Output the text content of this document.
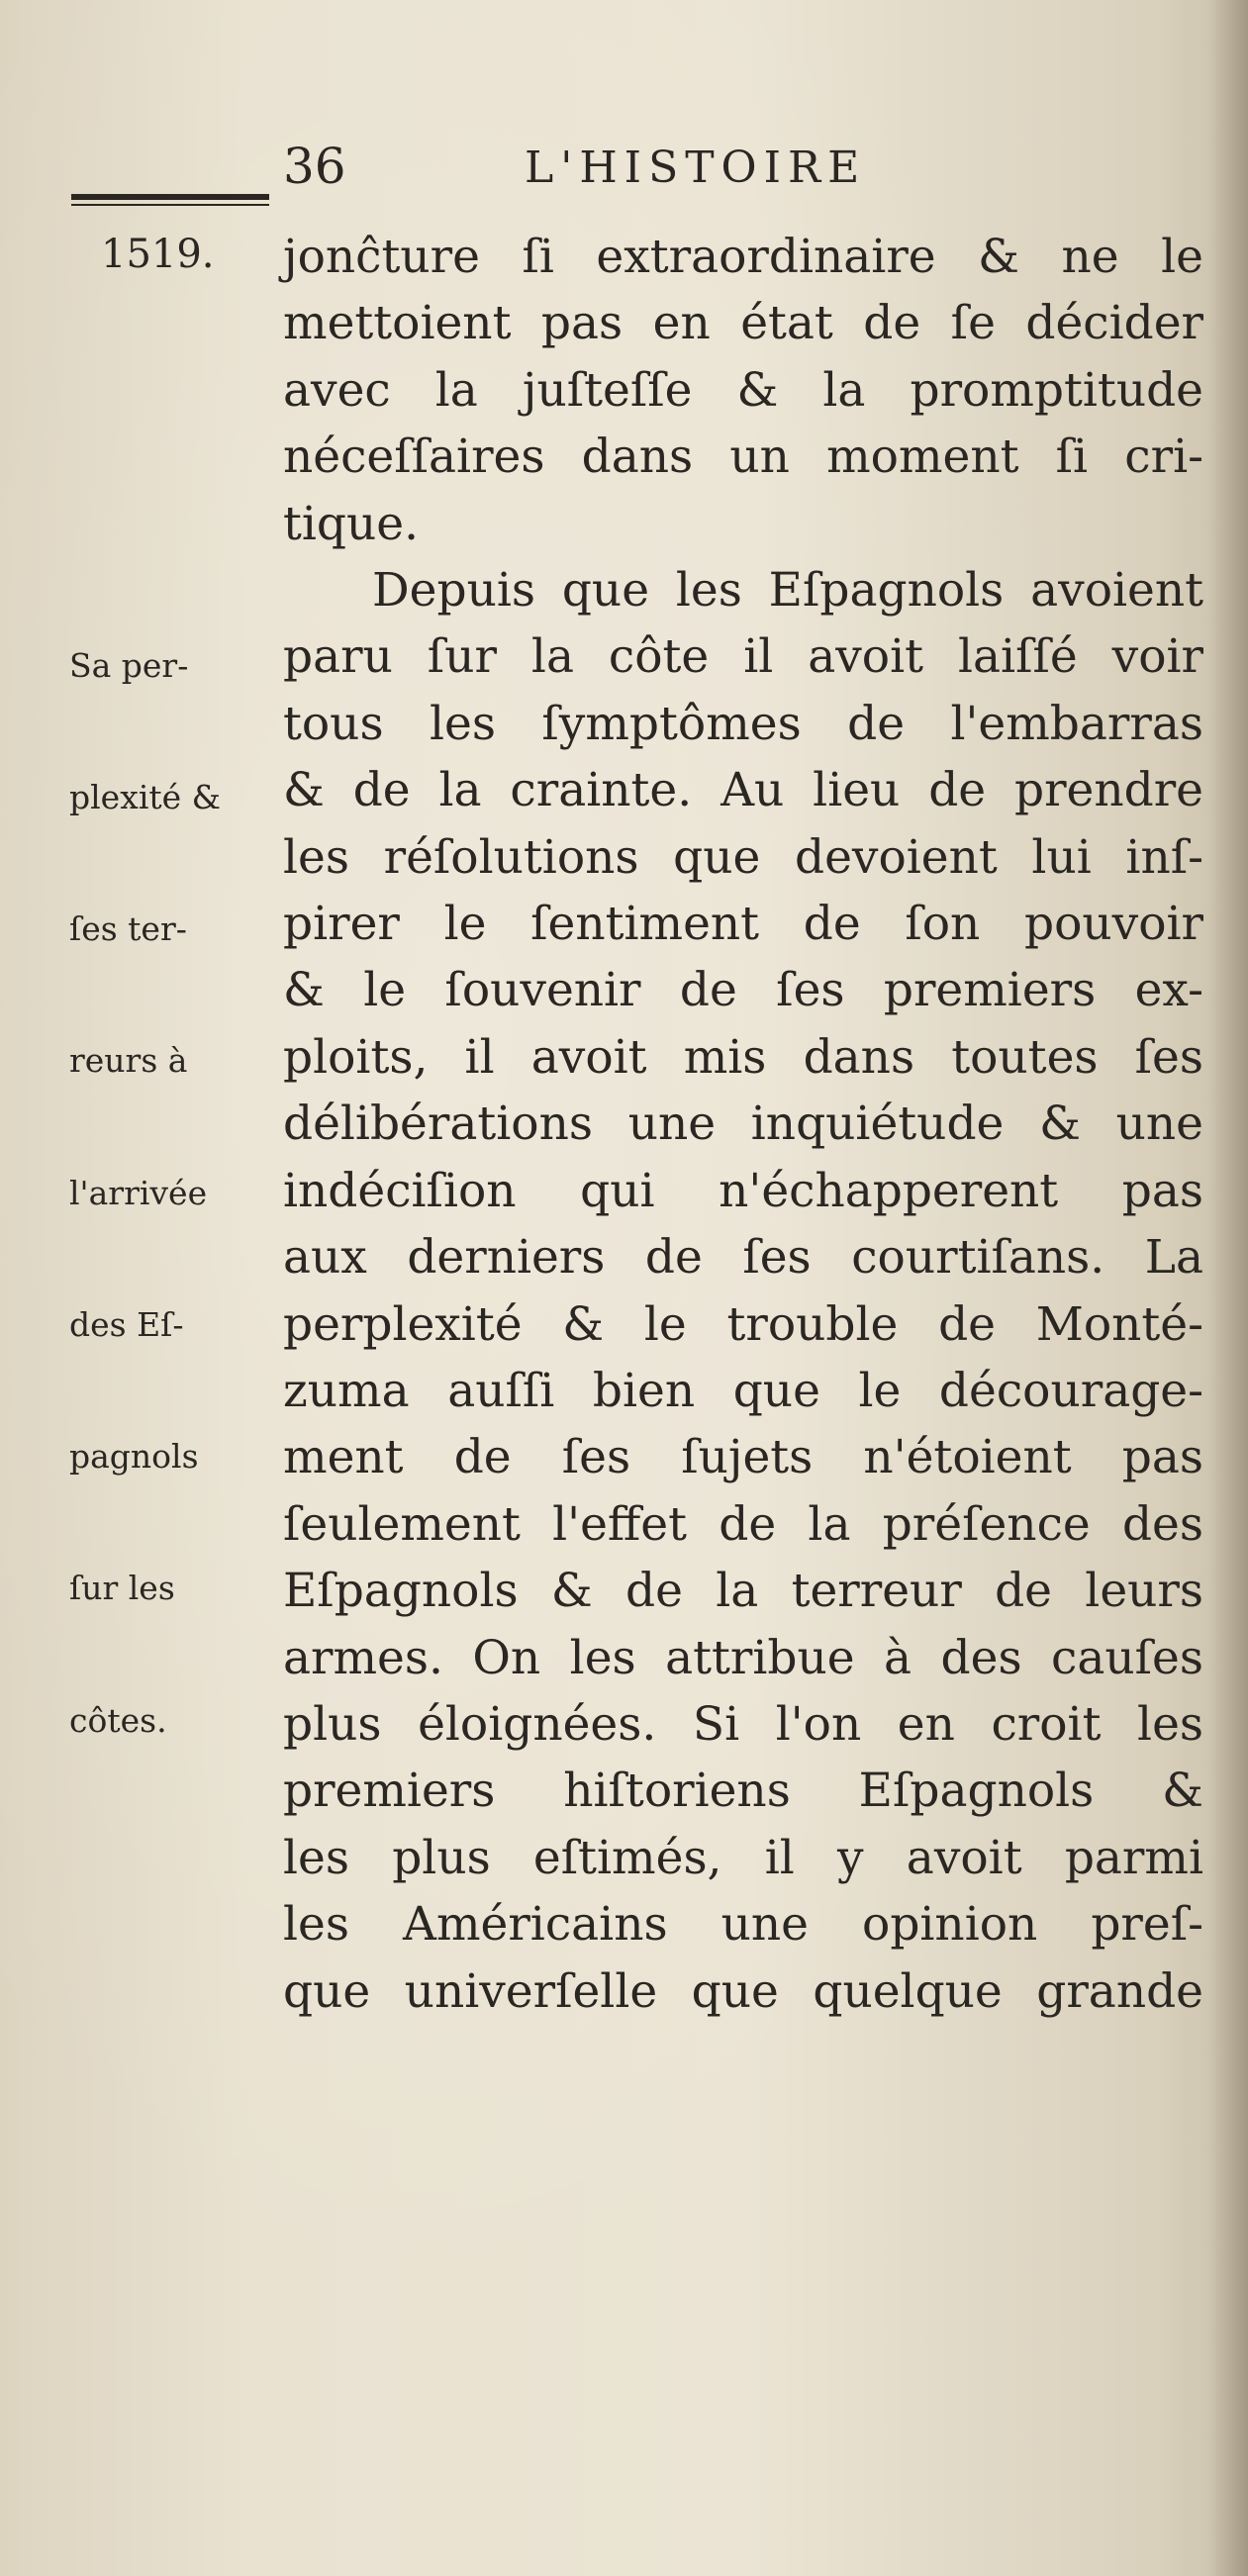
36	L'HISTOIRE
1519.

Sa per-

plexité &

ſes ter-

reurs à

l'arrivée

des Eſ-

pagnols

ſur les

côtes.

jonĉture ſi extraordinaire & ne le
mettoient pas en état de ſe décider
avec la juſteſſe & la promptitude
néceſſaires dans un moment ſi cri-
tique.
Depuis que les Eſpagnols avoient
paru ſur la côte il avoit laiſſé voir
tous les ſymptômes de l'embarras
& de la crainte. Au lieu de prendre
les réſolutions que devoient lui inſ-
pirer le ſentiment de ſon pouvoir
& le ſouvenir de ſes premiers ex-
ploits, il avoit mis dans toutes ſes
délibérations une inquiétude & une
indéciſion qui n'échapperent pas
aux derniers de ſes courtiſans. La
perplexité & le trouble de Monté-
zuma auſſi bien que le décourage-
ment de ſes ſujets n'étoient pas
ſeulement l'effet de la préſence des
Eſpagnols & de la terreur de leurs
armes. On les attribue à des cauſes
plus éloignées. Si l'on en croit les
premiers hiſtoriens Eſpagnols &
les plus eſtimés, il y avoit parmi
les Américains une opinion preſ-
que univerſelle que quelque grande
